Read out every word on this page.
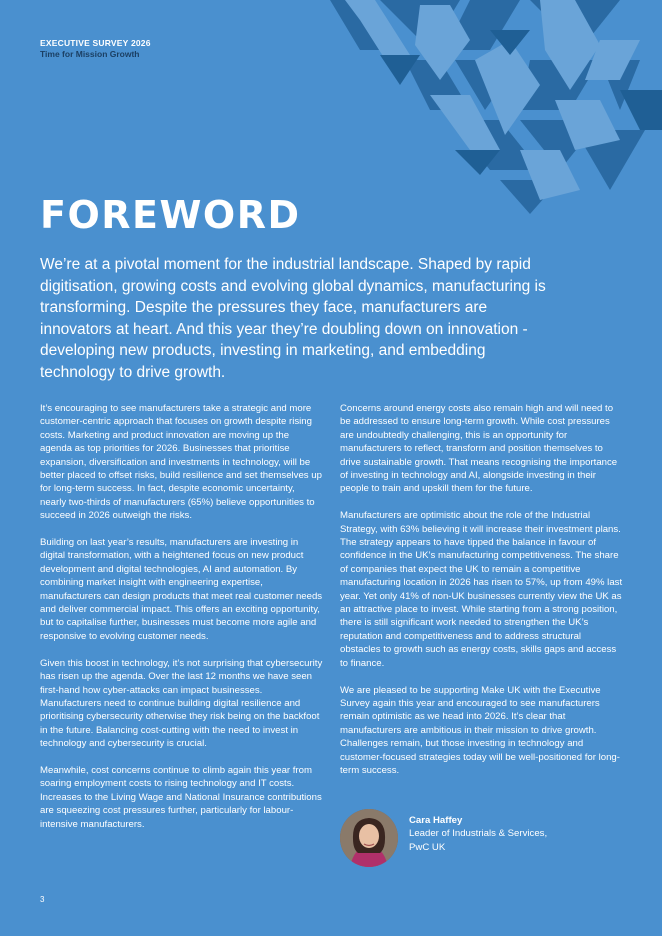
EXECUTIVE SURVEY 2026
Time for Mission Growth
FOREWORD
We’re at a pivotal moment for the industrial landscape. Shaped by rapid digitisation, growing costs and evolving global dynamics, manufacturing is transforming. Despite the pressures they face, manufacturers are innovators at heart. And this year they’re doubling down on innovation - developing new products, investing in marketing, and embedding technology to drive growth.

It’s encouraging to see manufacturers take a strategic and more customer-centric approach that focuses on growth despite rising costs. Marketing and product innovation are moving up the agenda as top priorities for 2026. Businesses that prioritise expansion, diversification and investments in technology, will be better placed to offset risks, build resilience and set themselves up for long-term success. In fact, despite economic uncertainty, nearly two-thirds of manufacturers (65%) believe opportunities to succeed in 2026 outweigh the risks.

Building on last year’s results, manufacturers are investing in digital transformation, with a heightened focus on new product development and digital technologies, AI and automation. By combining market insight with engineering expertise, manufacturers can design products that meet real customer needs and deliver commercial impact. This offers an exciting opportunity, but to capitalise further, businesses must become more agile and responsive to evolving customer needs.

Given this boost in technology, it’s not surprising that cybersecurity has risen up the agenda. Over the last 12 months we have seen first-hand how cyber-attacks can impact businesses. Manufacturers need to continue building digital resilience and prioritising cybersecurity otherwise they risk being on the backfoot in the future. Balancing cost-cutting with the need to invest in technology and cybersecurity is crucial.

Meanwhile, cost concerns continue to climb again this year from soaring employment costs to rising technology and IT costs. Increases to the Living Wage and National Insurance contributions are squeezing cost pressures further, particularly for labour-intensive manufacturers.

Concerns around energy costs also remain high and will need to be addressed to ensure long-term growth. While cost pressures are undoubtedly challenging, this is an opportunity for manufacturers to reflect, transform and position themselves to drive sustainable growth. That means recognising the importance of investing in technology and AI, alongside investing in their people to train and upskill them for the future.

Manufacturers are optimistic about the role of the Industrial Strategy, with 63% believing it will increase their investment plans. The strategy appears to have tipped the balance in favour of confidence in the UK’s manufacturing competitiveness. The share of companies that expect the UK to remain a competitive manufacturing location in 2026 has risen to 57%, up from 49% last year. Yet only 41% of non-UK businesses currently view the UK as an attractive place to invest. While starting from a strong position, there is still significant work needed to strengthen the UK’s reputation and competitiveness and to address structural obstacles to growth such as energy costs, skills gaps and access to finance.

We are pleased to be supporting Make UK with the Executive Survey again this year and encouraged to see manufacturers remain optimistic as we head into 2026. It’s clear that manufacturers are ambitious in their mission to drive growth. Challenges remain, but those investing in technology and customer-focused strategies today will be well-positioned for long-term success.

Cara Haffey
Leader of Industrials & Services,
PwC UK
3
